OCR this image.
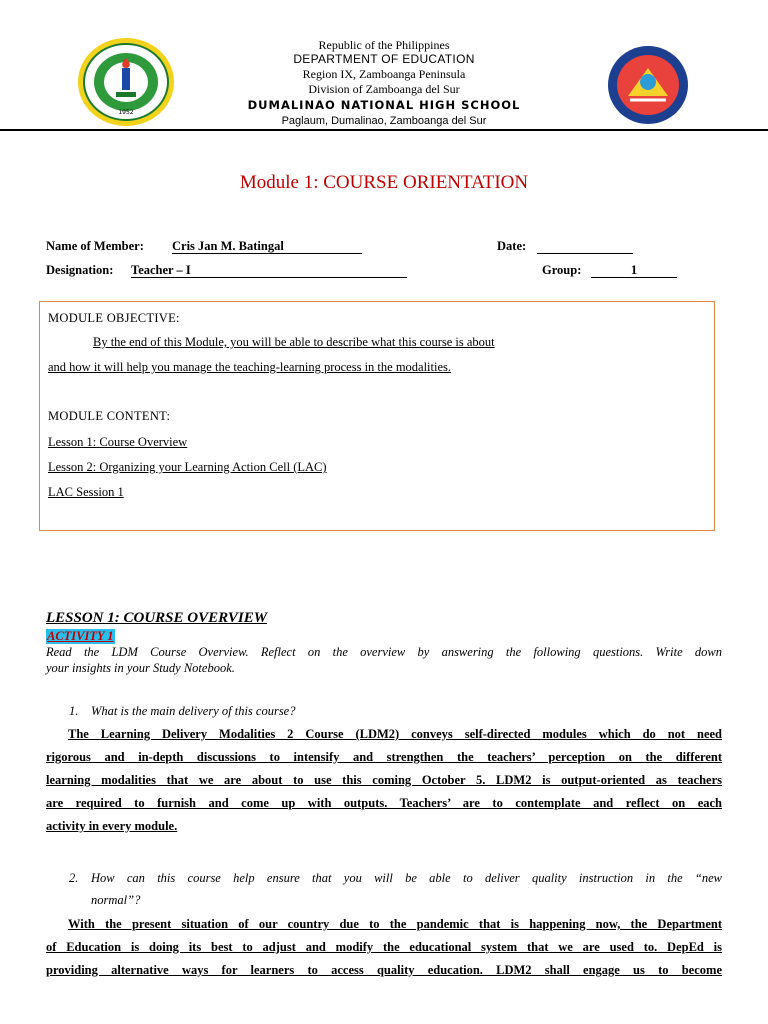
1952
Republic of the Philippines
DEPARTMENT OF EDUCATION
Region IX, Zamboanga Peninsula
Division of Zamboanga del Sur
DUMALINAO NATIONAL HIGH SCHOOL
Paglaum, Dumalinao, Zamboanga del Sur
Module 1: COURSE ORIENTATION
Name of Member: Cris Jan M. Batingal	Date:
Designation: Teacher – I	Group:	1
MODULE OBJECTIVE:
By the end of this Module, you will be able to describe what this course is about
and how it will help you manage the teaching-learning process in the modalities.
MODULE CONTENT:
Lesson 1: Course Overview
Lesson 2: Organizing your Learning Action Cell (LAC)
LAC Session 1
LESSON 1: COURSE OVERVIEW
ACTIVITY 1
Read the LDM Course Overview. Reflect on the overview by answering the following questions. Write down
your insights in your Study Notebook.
1. What is the main delivery of this course?
The Learning Delivery Modalities 2 Course (LDM2) conveys self-directed modules which do not need
rigorous and in-depth discussions to intensify and strengthen the teachers’ perception on the different
learning modalities that we are about to use this coming October 5. LDM2 is output-oriented as teachers
are required to furnish and come up with outputs. Teachers’ are to contemplate and reflect on each
activity in every module.
2. How can this course help ensure that you will be able to deliver quality instruction in the “new
normal”?
With the present situation of our country due to the pandemic that is happening now, the Department
of Education is doing its best to adjust and modify the educational system that we are used to. DepEd is
providing alternative ways for learners to access quality education. LDM2 shall engage us to become
